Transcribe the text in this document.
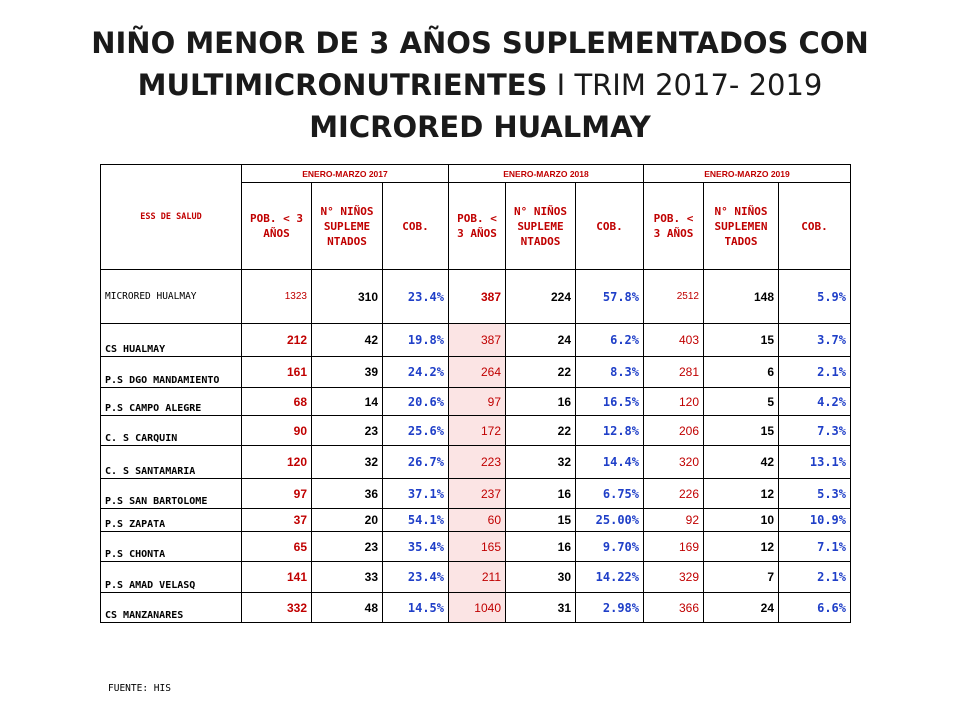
NIÑO MENOR DE 3 AÑOS SUPLEMENTADOS CON
MULTIMICRONUTRIENTES I TRIM 2017- 2019
MICRORED HUALMAY
ESS DE SALUD	ENERO-MARZO 2017			ENERO-MARZO 2018			ENERO-MARZO 2019		
	POB. < 3 AÑOS	N° NIÑOS SUPLEME NTADOS	COB.	POB. < 3 AÑOS	N° NIÑOS SUPLEME NTADOS	COB.	POB. < 3 AÑOS	N° NIÑOS SUPLEMEN TADOS	COB.
MICRORED HUALMAY	1323	310	23.4%	387	224	57.8%	2512	148	5.9%
CS HUALMAY	212	42	19.8%	387	24	6.2%	403	15	3.7%
P.S DGO MANDAMIENTO	161	39	24.2%	264	22	8.3%	281	6	2.1%
P.S CAMPO ALEGRE	68	14	20.6%	97	16	16.5%	120	5	4.2%
C. S CARQUIN	90	23	25.6%	172	22	12.8%	206	15	7.3%
C. S SANTAMARIA	120	32	26.7%	223	32	14.4%	320	42	13.1%
P.S SAN BARTOLOME	97	36	37.1%	237	16	6.75%	226	12	5.3%
P.S ZAPATA	37	20	54.1%	60	15	25.00%	92	10	10.9%
P.S CHONTA	65	23	35.4%	165	16	9.70%	169	12	7.1%
P.S AMAD VELASQ	141	33	23.4%	211	30	14.22%	329	7	2.1%
CS MANZANARES	332	48	14.5%	1040	31	2.98%	366	24	6.6%
FUENTE: HIS
